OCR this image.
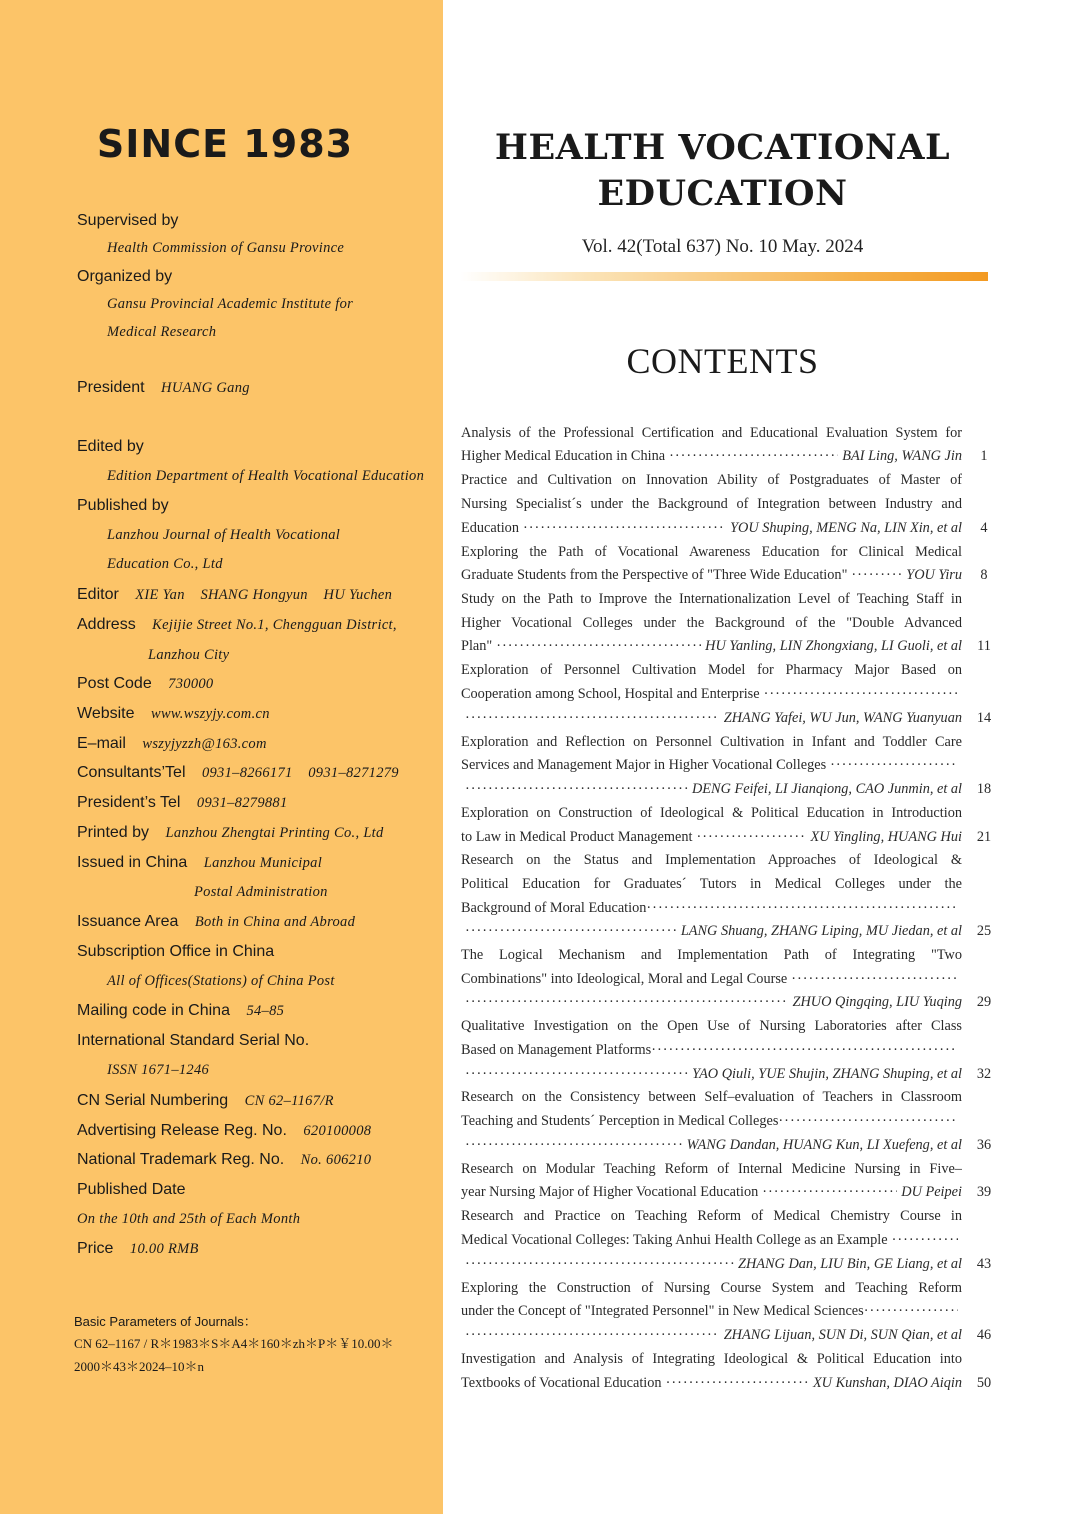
SINCE 1983
Supervised by
Health Commission of Gansu Province
Organized by
Gansu Provincial Academic Institute for
Medical Research
President HUANG Gang
Edited by
Edition Department of Health Vocational Education
Published by
Lanzhou Journal of Health Vocational
Education Co., Ltd
Editor XIE Yan    SHANG Hongyun    HU Yuchen
Address Kejijie Street No.1, Chengguan District,
Lanzhou City
Post Code 730000
Website www.wszyjy.com.cn
E–mail wszyjyzzh@163.com
Consultants’Tel 0931–8266171    0931–8271279
President’s Tel 0931–8279881
Printed by Lanzhou Zhengtai Printing Co., Ltd
Issued in China Lanzhou Municipal
Postal Administration
Issuance Area Both in China and Abroad
Subscription Office in China
All of Offices(Stations) of China Post
Mailing code in China 54–85
International Standard Serial No.
ISSN 1671–1246
CN Serial Numbering CN 62–1167/R
Advertising Release Reg. No. 620100008
National Trademark Reg. No. No. 606210
Published Date
On the 10th and 25th of Each Month
Price 10.00 RMB
Basic Parameters of Journals：
CN 62–1167 / R＊1983＊S＊A4＊160＊zh＊P＊￥10.00＊
2000＊43＊2024–10＊n
HEALTH VOCATIONAL
EDUCATION
Vol. 42(Total 637) No. 10 May. 2024
CONTENTS
Analysis of the Professional Certification and Educational Evaluation System for
Higher Medical Education in China ·····	BAI Ling, WANG Jin	1
Practice and Cultivation on Innovation Ability of Postgraduates of Master of
Nursing Specialist´s under the Background of Integration between Industry and
Education ·····	YOU Shuping, MENG Na, LIN Xin, et al	4
Exploring the Path of Vocational Awareness Education for Clinical Medical
Graduate Students from the Perspective of "Three Wide Education" ·····	YOU Yiru	8
Study on the Path to Improve the Internationalization Level of Teaching Staff in
Higher Vocational Colleges under the Background of the "Double Advanced
Plan" ·····	HU Yanling, LIN Zhongxiang, LI Guoli, et al	11
Exploration of Personnel Cultivation Model for Pharmacy Major Based on
Cooperation among School, Hospital and Enterprise
·····
·····
ZHANG Yafei, WU Jun, WANG Yuanyuan	14
Exploration and Reflection on Personnel Cultivation in Infant and Toddler Care
Services and Management Major in Higher Vocational Colleges
·····
·····
DENG Feifei, LI Jianqiong, CAO Junmin, et al	18
Exploration on Construction of Ideological & Political Education in Introduction
to Law in Medical Product Management ·····	XU Yingling, HUANG Hui	21
Research on the Status and Implementation Approaches of Ideological &
Political Education for Graduates´ Tutors in Medical Colleges under the
Background of Moral Education
·····
·····
LANG Shuang, ZHANG Liping, MU Jiedan, et al	25
The Logical Mechanism and Implementation Path of Integrating "Two
Combinations" into Ideological, Moral and Legal Course
·····
·····
ZHUO Qingqing, LIU Yuqing	29
Qualitative Investigation on the Open Use of Nursing Laboratories after Class
Based on Management Platforms
·····
·····
YAO Qiuli, YUE Shujin, ZHANG Shuping, et al	32
Research on the Consistency between Self–evaluation of Teachers in Classroom
Teaching and Students´ Perception in Medical Colleges
·····
·····
WANG Dandan, HUANG Kun, LI Xuefeng, et al	36
Research on Modular Teaching Reform of Internal Medicine Nursing in Five–
year Nursing Major of Higher Vocational Education ·····	DU Peipei	39
Research and Practice on Teaching Reform of Medical Chemistry Course in
Medical Vocational Colleges: Taking Anhui Health College as an Example
·····
·····
ZHANG Dan, LIU Bin, GE Liang, et al	43
Exploring the Construction of Nursing Course System and Teaching Reform
under the Concept of "Integrated Personnel" in New Medical Sciences
·····
·····
ZHANG Lijuan, SUN Di, SUN Qian, et al	46
Investigation and Analysis of Integrating Ideological & Political Education into
Textbooks of Vocational Education ·····	XU Kunshan, DIAO Aiqin	50
